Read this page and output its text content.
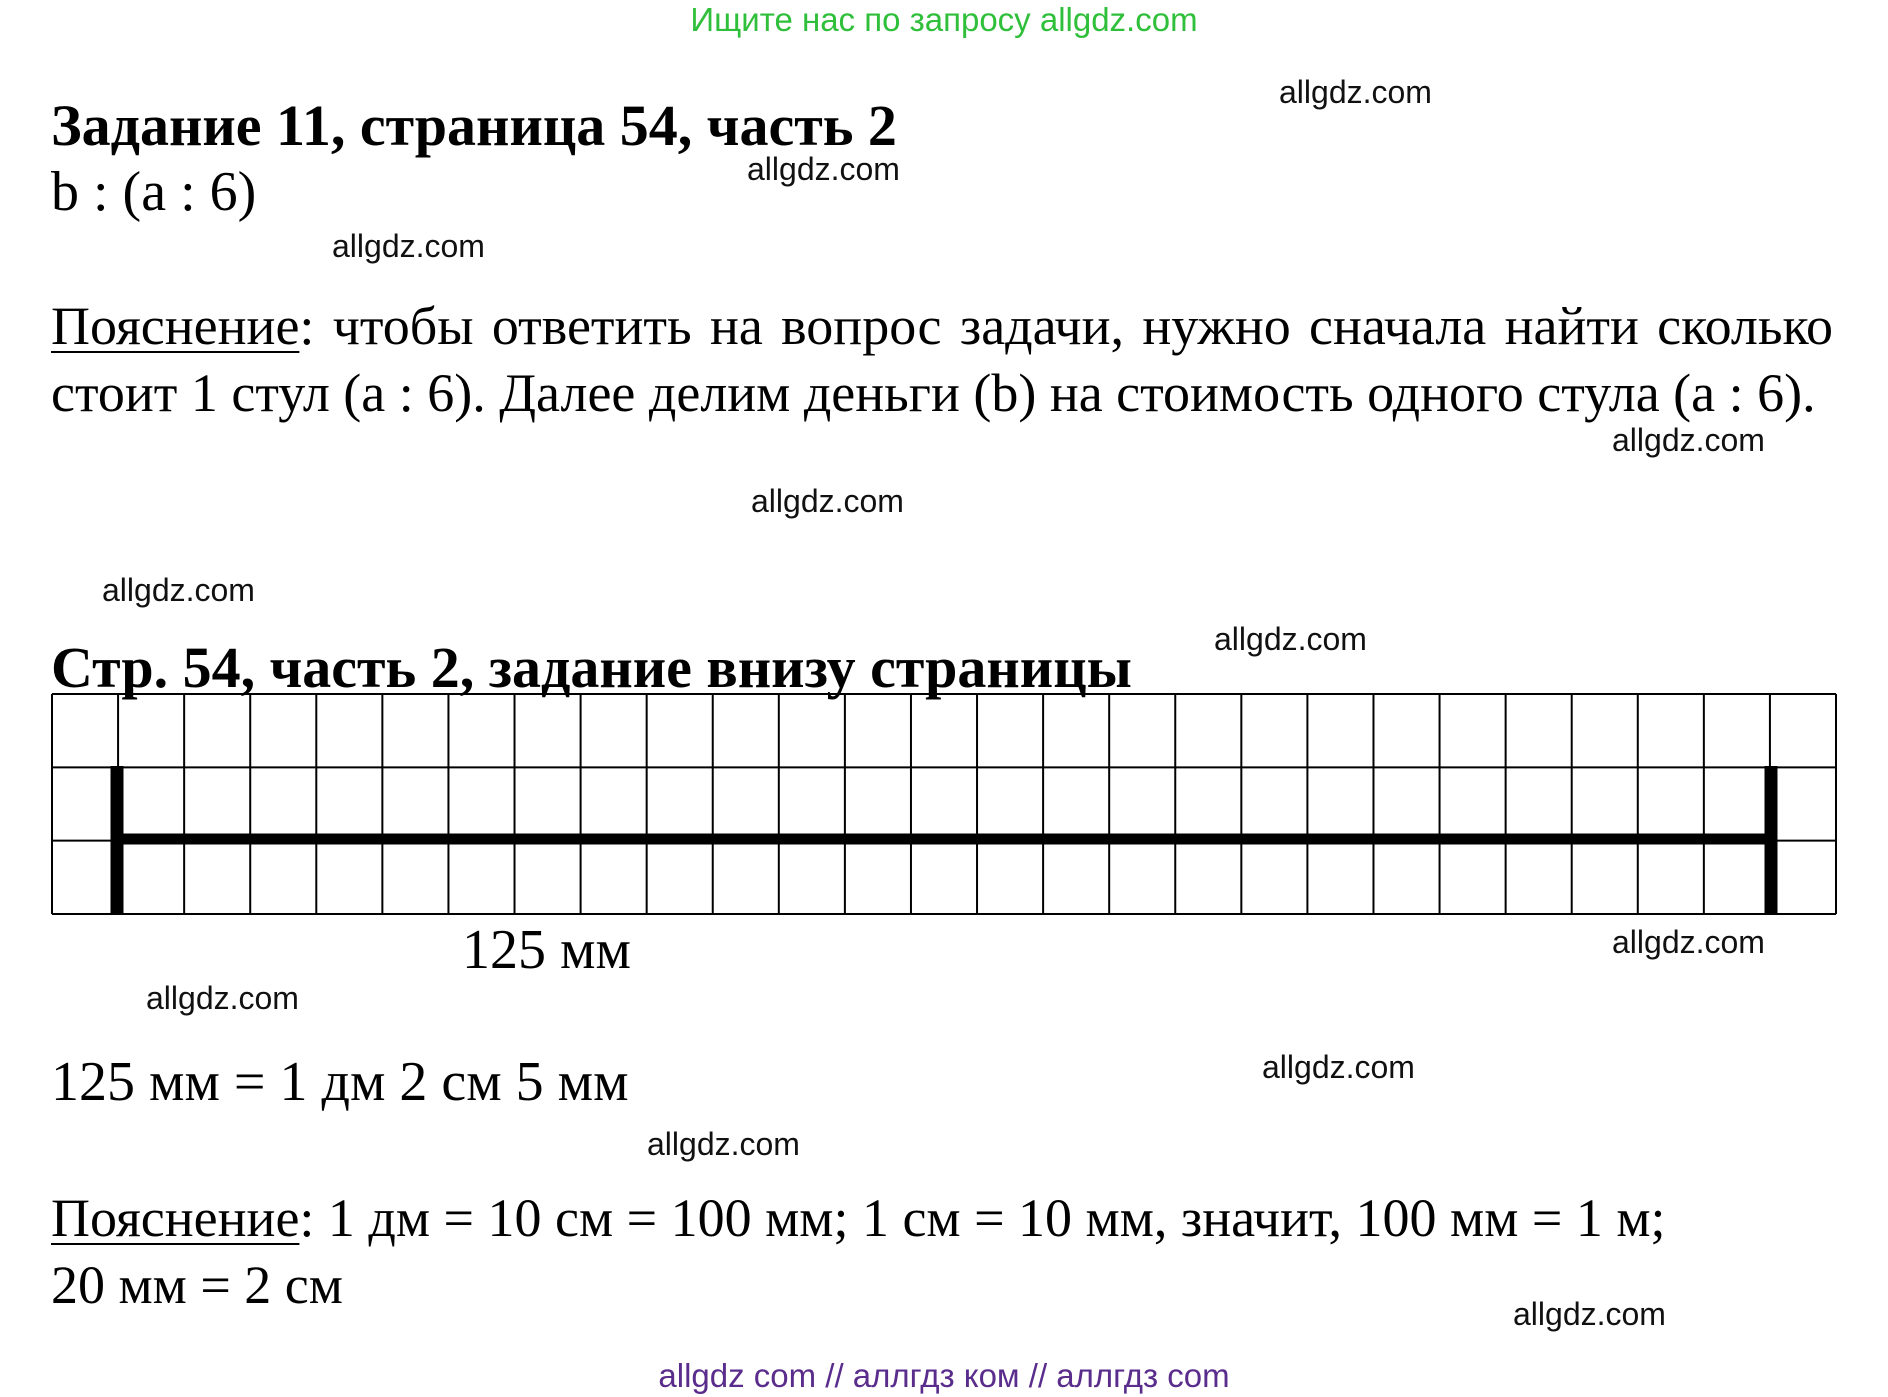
Ищите нас по запросу allgdz.com
Задание 11, страница 54, часть 2
b : (a : 6)
Пояснение: чтобы ответить на вопрос задачи, нужно сначала найти сколько стоит 1 стул (a : 6). Далее делим деньги (b) на стоимость одного стула (a : 6).
Стр. 54, часть 2, задание внизу страницы
125 мм
125 мм = 1 дм 2 см 5 мм
Пояснение: 1 дм = 10 см = 100 мм; 1 см = 10 мм, значит, 100 мм = 1 м;
20 мм = 2 см
allgdz.com
allgdz.com
allgdz.com
allgdz.com
allgdz.com
allgdz.com
allgdz.com
allgdz.com
allgdz.com
allgdz.com
allgdz.com
allgdz.com
allgdz com // аллгдз ком // аллгдз com
